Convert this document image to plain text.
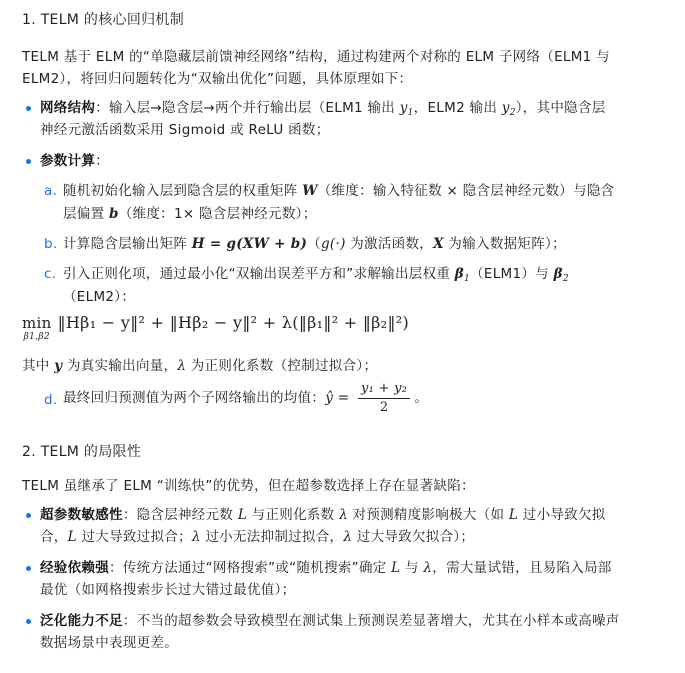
1. TELM 的核心回归机制
TELM 基于 ELM 的“单隐藏层前馈神经网络”结构，通过构建两个对称的 ELM 子网络（ELM1 与
ELM2），将回归问题转化为“双输出优化”问题，具体原理如下：
网络结构：输入层→隐含层→两个并行输出层（ELM1 输出 $y_1$，ELM2 输出 $y_2$），其中隐含层
神经元激活函数采用 Sigmoid 或 ReLU 函数；
参数计算：
a. 随机初始化输入层到隐含层的权重矩阵 W（维度：输入特征数 × 隐含层神经元数）与隐含
层偏置 b（维度：1× 隐含层神经元数）；
b. 计算隐含层输出矩阵 H = g(XW + b)（g(·) 为激活函数，X 为输入数据矩阵）；
c. 引入正则化项，通过最小化“双输出误差平方和”求解输出层权重 $\beta_1(ELM1)$与 $\beta_2$
（ELM2）：
min
β1,β2
‖Hβ₁ − y‖² + ‖Hβ₂ − y‖² + λ(‖β₁‖² + ‖β₂‖²)
其中 y 为真实输出向量，λ 为正则化系数（控制过拟合）；
d. 最终回归预测值为两个子网络输出的均值：ŷ = $\frac{\text{y₁ + y₂}}{2}$ 。
2. TELM 的局限性
TELM 虽继承了 ELM “训练快”的优势，但在超参数选择上存在显著缺陷：
超参数敏感性：隐含层神经元数 L 与正则化系数 λ 对预测精度影响极大（如 L 过小导致欠拟
合，L 过大导致过拟合；λ 过小无法抑制过拟合，λ 过大导致欠拟合）；
经验依赖强：传统方法通过“网格搜索”或“随机搜索”确定 L 与 λ，需大量试错，且易陷入局部
最优（如网格搜索步长过大错过最优值）；
泛化能力不足：不当的超参数会导致模型在测试集上预测误差显著增大，尤其在小样本或高噪声
数据场景中表现更差。
